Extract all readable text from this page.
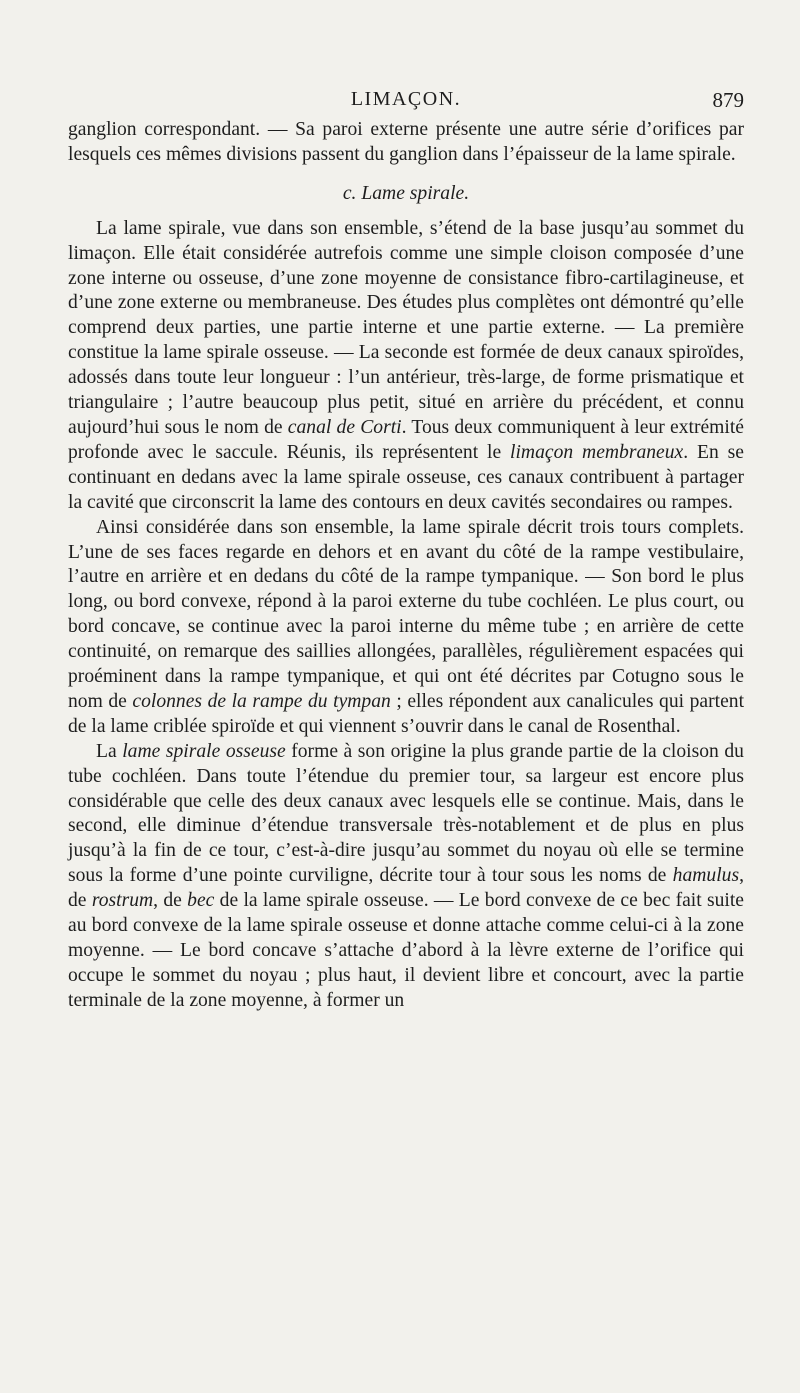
LIMAÇON.	879

ganglion correspondant. — Sa paroi externe présente une autre série d’orifices par lesquels ces mêmes divisions passent du ganglion dans l’épaisseur de la lame spirale.

c. Lame spirale.

La lame spirale, vue dans son ensemble, s’étend de la base jusqu’au sommet du limaçon. Elle était considérée autrefois comme une simple cloison composée d’une zone interne ou osseuse, d’une zone moyenne de consistance fibro-cartilagineuse, et d’une zone externe ou membraneuse. Des études plus complètes ont démontré qu’elle comprend deux parties, une partie interne et une partie externe. — La première constitue la lame spirale osseuse. — La seconde est formée de deux canaux spiroïdes, adossés dans toute leur longueur : l’un antérieur, très-large, de forme prismatique et triangulaire ; l’autre beaucoup plus petit, situé en arrière du précédent, et connu aujourd’hui sous le nom de canal de Corti. Tous deux communiquent à leur extrémité profonde avec le saccule. Réunis, ils représentent le limaçon membraneux. En se continuant en dedans avec la lame spirale osseuse, ces canaux contribuent à partager la cavité que circonscrit la lame des contours en deux cavités secondaires ou rampes.

Ainsi considérée dans son ensemble, la lame spirale décrit trois tours complets. L’une de ses faces regarde en dehors et en avant du côté de la rampe vestibulaire, l’autre en arrière et en dedans du côté de la rampe tympanique. — Son bord le plus long, ou bord convexe, répond à la paroi externe du tube cochléen. Le plus court, ou bord concave, se continue avec la paroi interne du même tube ; en arrière de cette continuité, on remarque des saillies allongées, parallèles, régulièrement espacées qui proéminent dans la rampe tympanique, et qui ont été décrites par Cotugno sous le nom de colonnes de la rampe du tympan ; elles répondent aux canalicules qui partent de la lame criblée spiroïde et qui viennent s’ouvrir dans le canal de Rosenthal.

La lame spirale osseuse forme à son origine la plus grande partie de la cloison du tube cochléen. Dans toute l’étendue du premier tour, sa largeur est encore plus considérable que celle des deux canaux avec lesquels elle se continue. Mais, dans le second, elle diminue d’étendue transversale très-notablement et de plus en plus jusqu’à la fin de ce tour, c’est-à-dire jusqu’au sommet du noyau où elle se termine sous la forme d’une pointe curviligne, décrite tour à tour sous les noms de hamulus, de rostrum, de bec de la lame spirale osseuse. — Le bord convexe de ce bec fait suite au bord convexe de la lame spirale osseuse et donne attache comme celui-ci à la zone moyenne. — Le bord concave s’attache d’abord à la lèvre externe de l’orifice qui occupe le sommet du noyau ; plus haut, il devient libre et concourt, avec la partie terminale de la zone moyenne, à former un
